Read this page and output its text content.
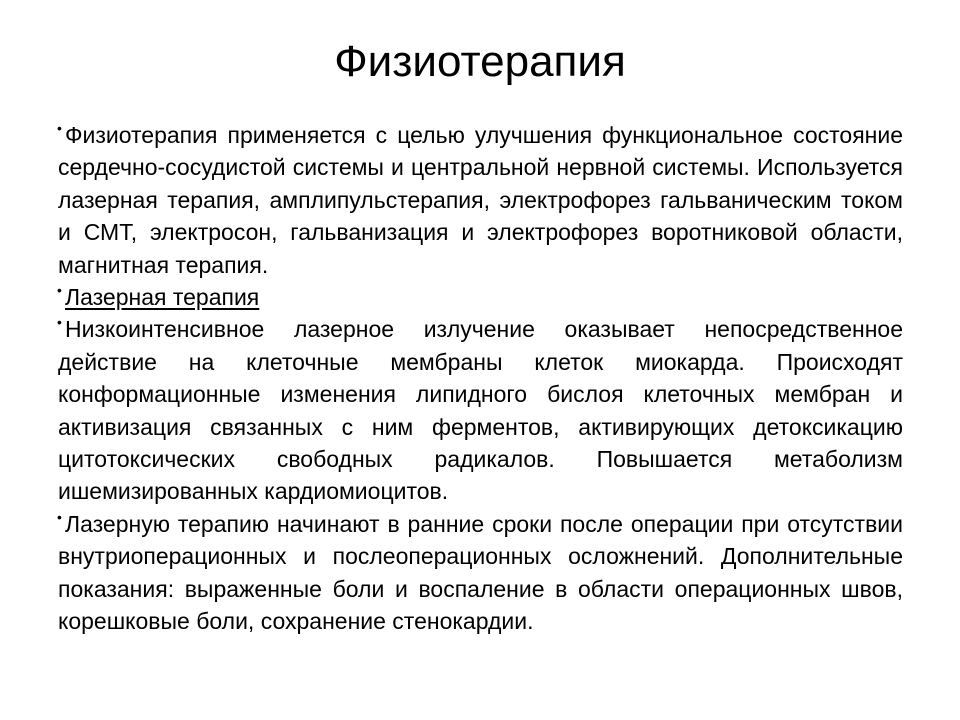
Физиотерапия

• Физиотерапия применяется с целью улучшения функциональное состояние сердечно-сосудистой системы и центральной нервной системы. Используется лазерная терапия, амплипульстерапия, электрофорез гальваническим током и СМТ, электросон, гальванизация и электрофорез воротниковой области, магнитная терапия.

• Лазерная терапия

• Низкоинтенсивное лазерное излучение оказывает непосредственное действие на клеточные мембраны клеток миокарда. Происходят конформационные изменения липидного бислоя клеточных мембран и активизация связанных с ним ферментов, активирующих детоксикацию цитотоксических свободных радикалов. Повышается метаболизм ишемизированных кардиомиоцитов.

• Лазерную терапию начинают в ранние сроки после операции при отсутствии внутриоперационных и послеоперационных осложнений. Дополнительные показания: выраженные боли и воспаление в области операционных швов, корешковые боли, сохранение стенокардии.
